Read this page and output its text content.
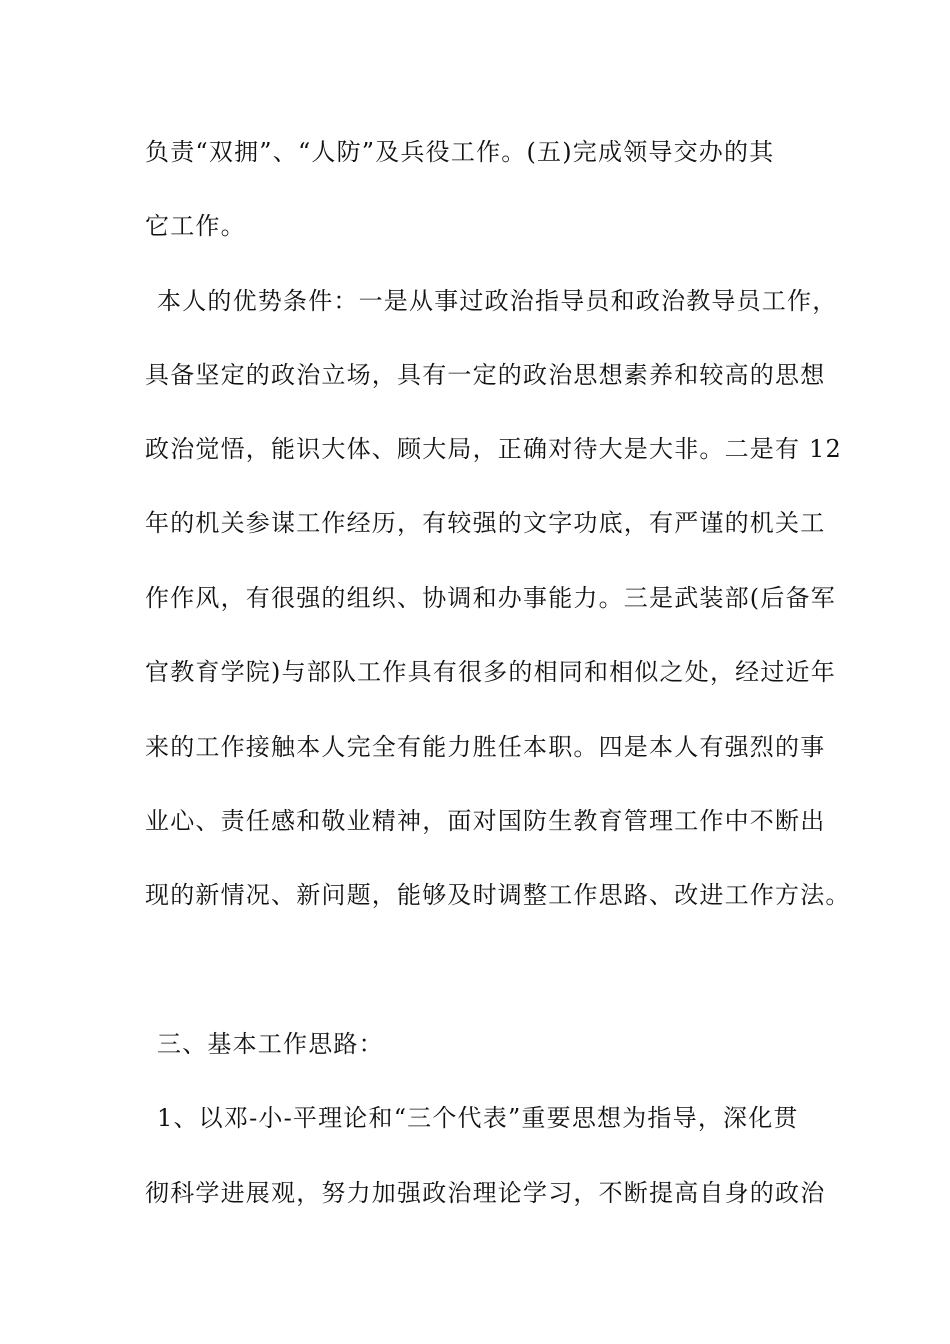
负责“双拥”、“人防”及兵役工作。(五)完成领导交办的其
它工作。
本人的优势条件：一是从事过政治指导员和政治教导员工作，
具备坚定的政治立场，具有一定的政治思想素养和较高的思想
政治觉悟，能识大体、顾大局，正确对待大是大非。二是有 12
年的机关参谋工作经历，有较强的文字功底，有严谨的机关工
作作风，有很强的组织、协调和办事能力。三是武装部(后备军
官教育学院)与部队工作具有很多的相同和相似之处，经过近年
来的工作接触本人完全有能力胜任本职。四是本人有强烈的事
业心、责任感和敬业精神，面对国防生教育管理工作中不断出
现的新情况、新问题，能够及时调整工作思路、改进工作方法。
三、基本工作思路：
1、以邓-小-平理论和“三个代表”重要思想为指导，深化贯
彻科学进展观，努力加强政治理论学习，不断提高自身的政治
